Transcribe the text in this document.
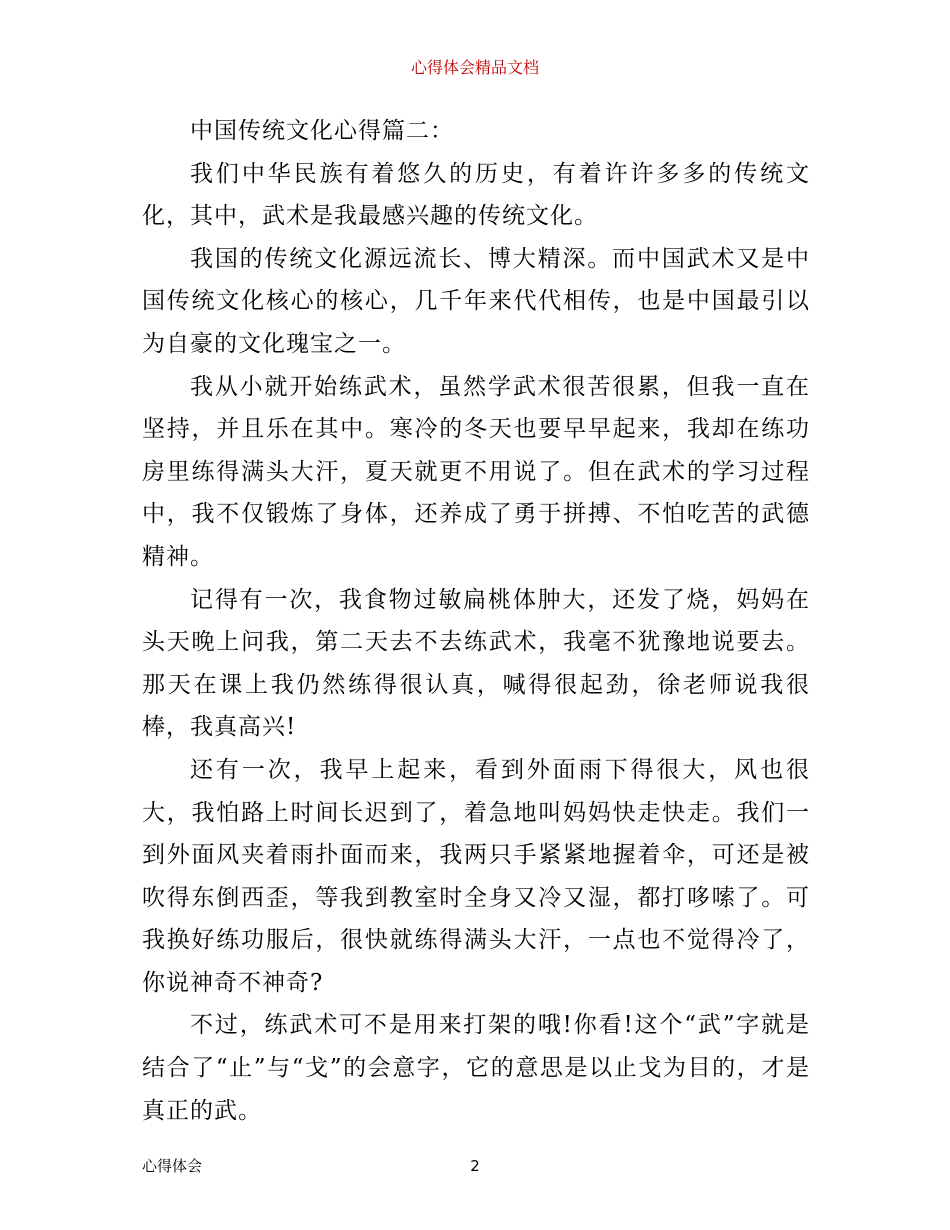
心得体会精品文档

中国传统文化心得篇二：

我们中华民族有着悠久的历史，有着许许多多的传统文化，其中，武术是我最感兴趣的传统文化。

我国的传统文化源远流长、博大精深。而中国武术又是中国传统文化核心的核心，几千年来代代相传，也是中国最引以为自豪的文化瑰宝之一。

我从小就开始练武术，虽然学武术很苦很累，但我一直在坚持，并且乐在其中。寒冷的冬天也要早早起来，我却在练功房里练得满头大汗，夏天就更不用说了。但在武术的学习过程中，我不仅锻炼了身体，还养成了勇于拼搏、不怕吃苦的武德精神。

记得有一次，我食物过敏扁桃体肿大，还发了烧，妈妈在头天晚上问我，第二天去不去练武术，我毫不犹豫地说要去。那天在课上我仍然练得很认真，喊得很起劲，徐老师说我很棒，我真高兴!

还有一次，我早上起来，看到外面雨下得很大，风也很大，我怕路上时间长迟到了，着急地叫妈妈快走快走。我们一到外面风夹着雨扑面而来，我两只手紧紧地握着伞，可还是被吹得东倒西歪，等我到教室时全身又冷又湿，都打哆嗦了。可我换好练功服后，很快就练得满头大汗，一点也不觉得冷了，你说神奇不神奇?

不过，练武术可不是用来打架的哦!你看!这个“武”字就是结合了“止”与“戈”的会意字，它的意思是以止戈为目的，才是真正的武。

心得体会	2
